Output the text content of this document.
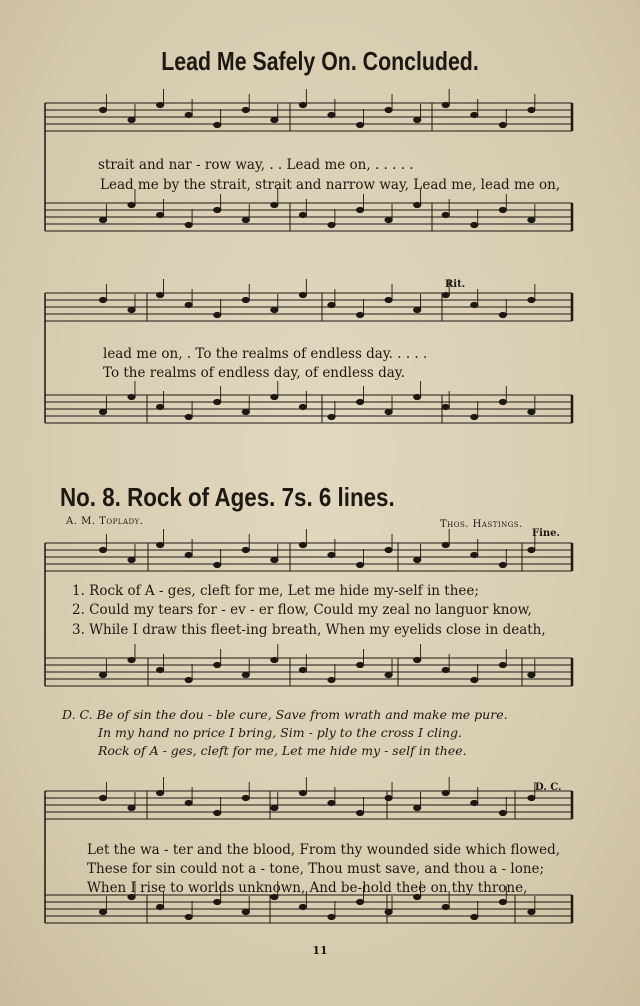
Lead Me Safely On. Concluded.
strait and nar - row way, . . Lead me on, . . . . .
Lead me by the strait, strait and narrow way, Lead me, lead me on,
lead me on, . To the realms of endless day. . . . .
To the realms of endless day, of endless day.
Rit.
No. 8. Rock of Ages. 7s. 6 lines.
A. M. Toplady.	Thos. Hastings.
Fine.
1. Rock of A - ges, cleft for me, Let me hide my-self in thee;
2. Could my tears for - ev - er flow, Could my zeal no languor know,
3. While I draw this fleet-ing breath, When my eyelids close in death,
D. C. Be of sin the dou - ble cure, Save from wrath and make me pure.
In my hand no price I bring, Sim - ply to the cross I cling.
Rock of A - ges, cleft for me, Let me hide my - self in thee.
D. C.
Let the wa - ter and the blood, From thy wounded side which flowed,
These for sin could not a - tone, Thou must save, and thou a - lone;
When I rise to worlds unknown, And be-hold thee on thy throne,
11
